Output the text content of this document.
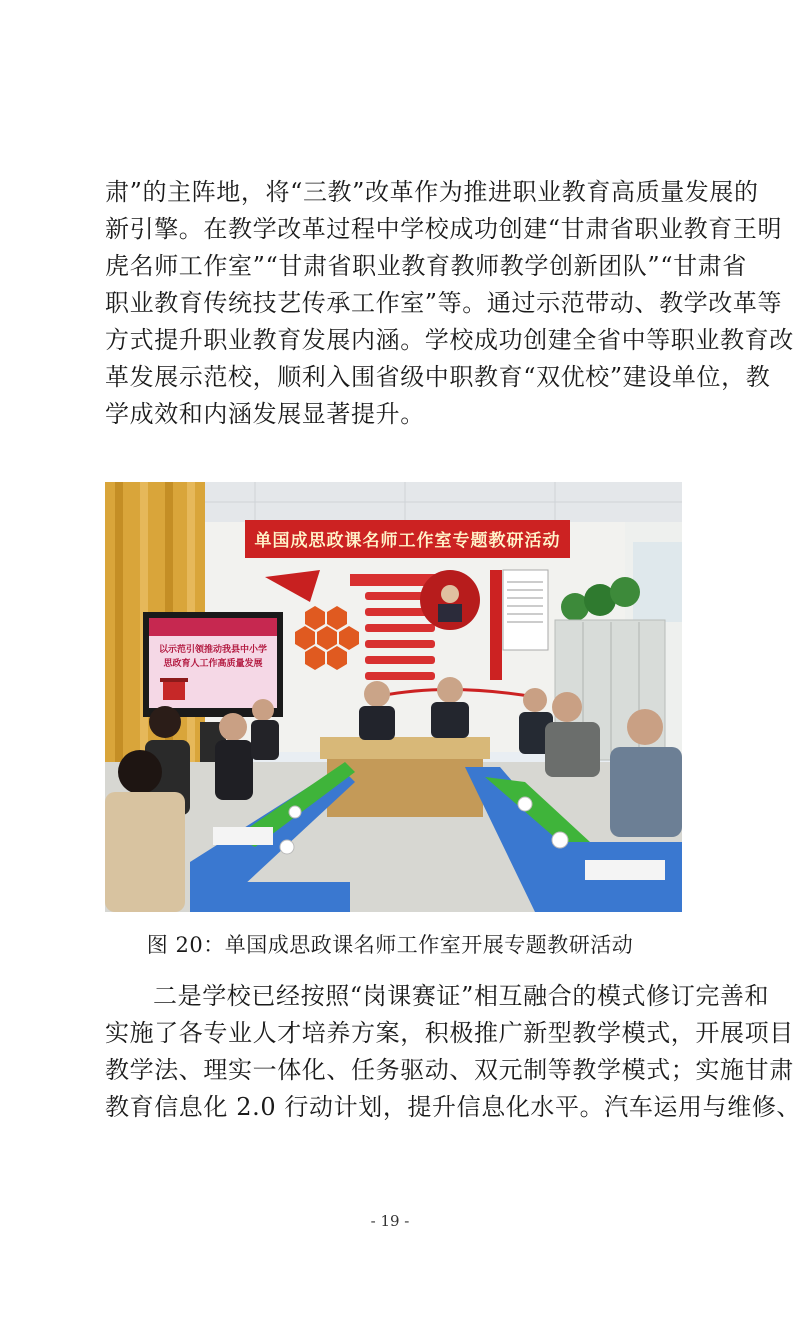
肃”的主阵地，将“三教”改革作为推进职业教育高质量发展的
新引擎。在教学改革过程中学校成功创建“甘肃省职业教育王明
虎名师工作室”“甘肃省职业教育教师教学创新团队”“甘肃省
职业教育传统技艺传承工作室”等。通过示范带动、教学改革等
方式提升职业教育发展内涵。学校成功创建全省中等职业教育改
革发展示范校，顺利入围省级中职教育“双优校”建设单位，教
学成效和内涵发展显著提升。
单国成思政课名师工作室专题教研活动
以示范引领推动我县中小学
思政育人工作高质量发展
图 20：单国成思政课名师工作室开展专题教研活动
二是学校已经按照“岗课赛证”相互融合的模式修订完善和
实施了各专业人才培养方案，积极推广新型教学模式，开展项目
教学法、理实一体化、任务驱动、双元制等教学模式；实施甘肃
教育信息化 2.0 行动计划，提升信息化水平。汽车运用与维修、
- 19 -
